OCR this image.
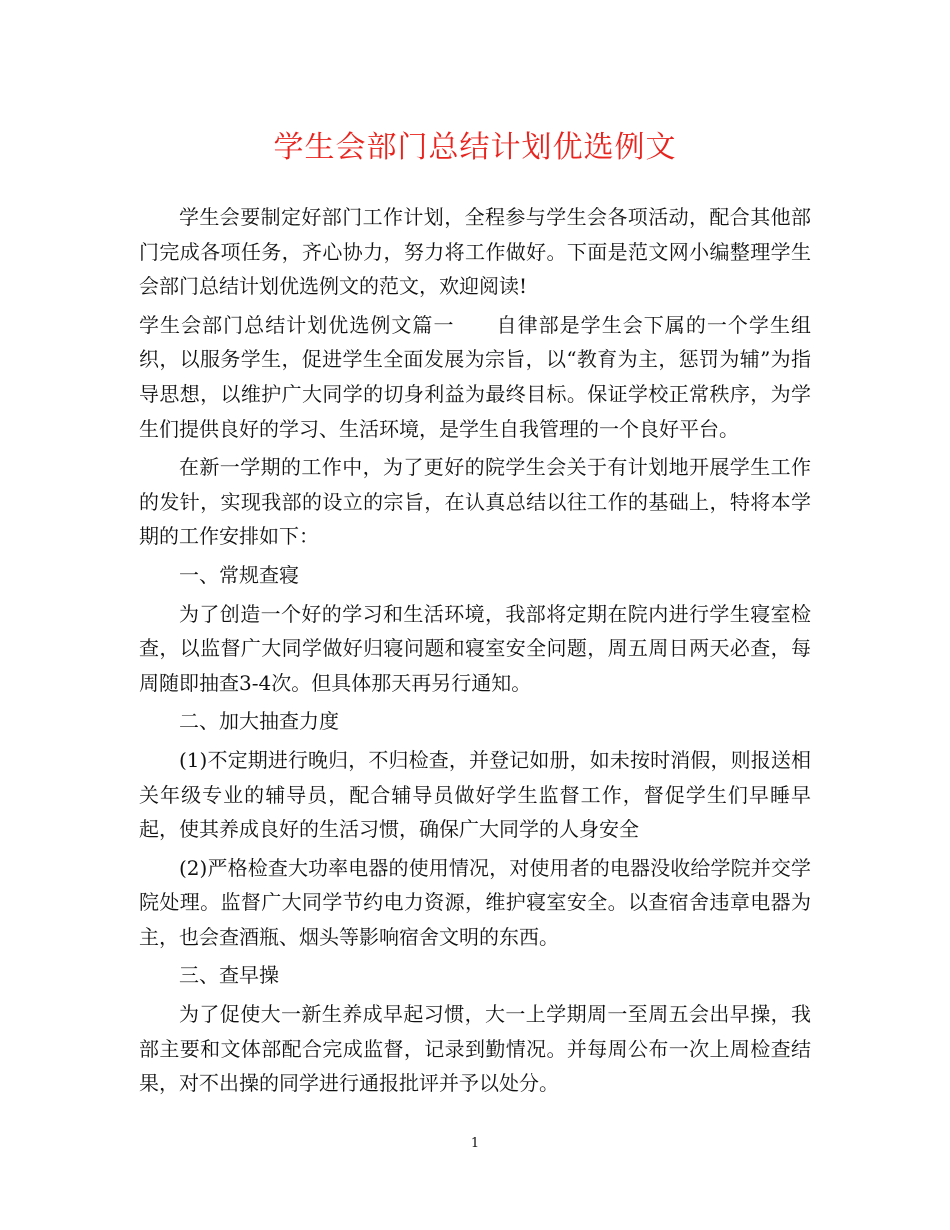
学生会部门总结计划优选例文

学生会要制定好部门工作计划，全程参与学生会各项活动，配合其他部门完成各项任务，齐心协力，努力将工作做好。下面是范文网小编整理学生会部门总结计划优选例文的范文，欢迎阅读!

学生会部门总结计划优选例文篇一　　自律部是学生会下属的一个学生组织，以服务学生，促进学生全面发展为宗旨，以“教育为主，惩罚为辅”为指导思想，以维护广大同学的切身利益为最终目标。保证学校正常秩序，为学生们提供良好的学习、生活环境，是学生自我管理的一个良好平台。

在新一学期的工作中，为了更好的院学生会关于有计划地开展学生工作的发针，实现我部的设立的宗旨，在认真总结以往工作的基础上，特将本学期的工作安排如下：

一、常规查寝

为了创造一个好的学习和生活环境，我部将定期在院内进行学生寝室检查，以监督广大同学做好归寝问题和寝室安全问题，周五周日两天必查，每周随即抽查3-4次。但具体那天再另行通知。

二、加大抽查力度

(1)不定期进行晚归，不归检查，并登记如册，如未按时消假，则报送相关年级专业的辅导员，配合辅导员做好学生监督工作，督促学生们早睡早起，使其养成良好的生活习惯，确保广大同学的人身安全

(2)严格检查大功率电器的使用情况，对使用者的电器没收给学院并交学院处理。监督广大同学节约电力资源，维护寝室安全。以查宿舍违章电器为主，也会查酒瓶、烟头等影响宿舍文明的东西。

三、查早操

为了促使大一新生养成早起习惯，大一上学期周一至周五会出早操，我部主要和文体部配合完成监督，记录到勤情况。并每周公布一次上周检查结果，对不出操的同学进行通报批评并予以处分。

1
